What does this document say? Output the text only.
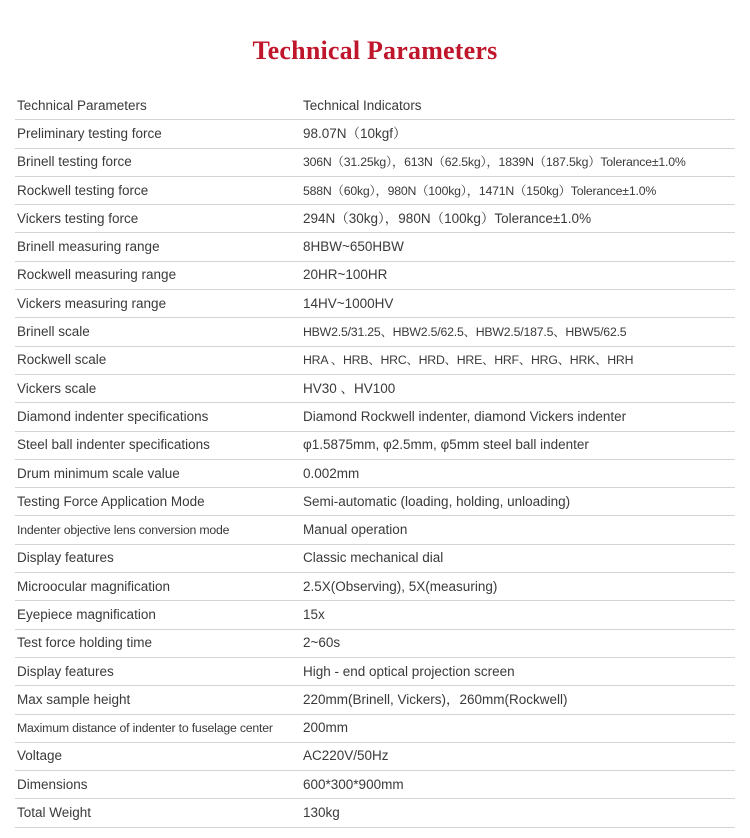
Technical Parameters
Technical Parameters	Technical Indicators
Preliminary testing force	98.07N（10kgf）
Brinell testing force	306N（31.25kg），613N（62.5kg），1839N（187.5kg）Tolerance±1.0%
Rockwell testing force	588N（60kg），980N（100kg），1471N（150kg）Tolerance±1.0%
Vickers testing force	294N（30kg），980N（100kg）Tolerance±1.0%
Brinell measuring range	8HBW~650HBW
Rockwell measuring range	20HR~100HR
Vickers measuring range	14HV~1000HV
Brinell scale	HBW2.5/31.25、HBW2.5/62.5、HBW2.5/187.5、HBW5/62.5
Rockwell scale	HRA 、HRB、HRC、HRD、HRE、HRF、HRG、HRK、HRH
Vickers scale	HV30 、HV100
Diamond indenter specifications	Diamond Rockwell indenter, diamond Vickers indenter
Steel ball indenter specifications	φ1.5875mm, φ2.5mm, φ5mm steel ball indenter
Drum minimum scale value	0.002mm
Testing Force Application Mode	Semi-automatic (loading, holding, unloading)
Indenter objective lens conversion mode	Manual operation
Display features	Classic mechanical dial
Microocular magnification	2.5X(Observing), 5X(measuring)
Eyepiece magnification	15x
Test force holding time	2~60s
Display features	High - end optical projection screen
Max sample height	220mm(Brinell, Vickers)，260mm(Rockwell)
Maximum distance of indenter to fuselage center	200mm
Voltage	AC220V/50Hz
Dimensions	600*300*900mm
Total Weight	130kg
